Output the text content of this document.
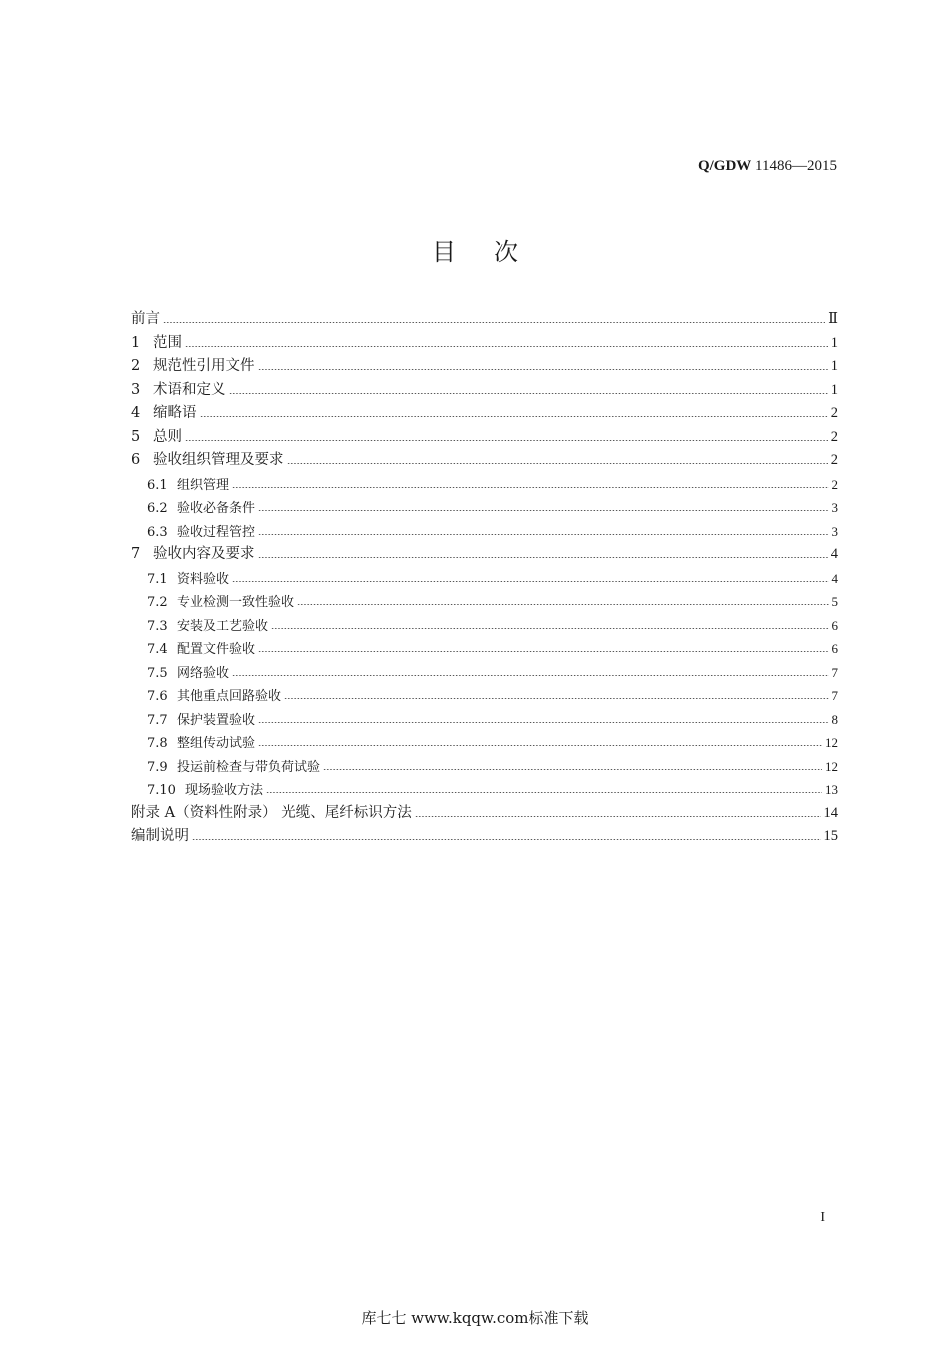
Q/GDW 11486—2015
目次
前言	Ⅱ
1 范围	1
2 规范性引用文件	1
3 术语和定义	1
4 缩略语	2
5 总则	2
6 验收组织管理及要求	2
6.1 组织管理	2
6.2 验收必备条件	3
6.3 验收过程管控	3
7 验收内容及要求	4
7.1 资料验收	4
7.2 专业检测一致性验收	5
7.3 安装及工艺验收	6
7.4 配置文件验收	6
7.5 网络验收	7
7.6 其他重点回路验收	7
7.7 保护装置验收	8
7.8 整组传动试验	12
7.9 投运前检查与带负荷试验	12
7.10 现场验收方法	13
附录 A（资料性附录） 光缆、尾纤标识方法	14
编制说明	15
I
库七七 www.kqqw.com标准下载
